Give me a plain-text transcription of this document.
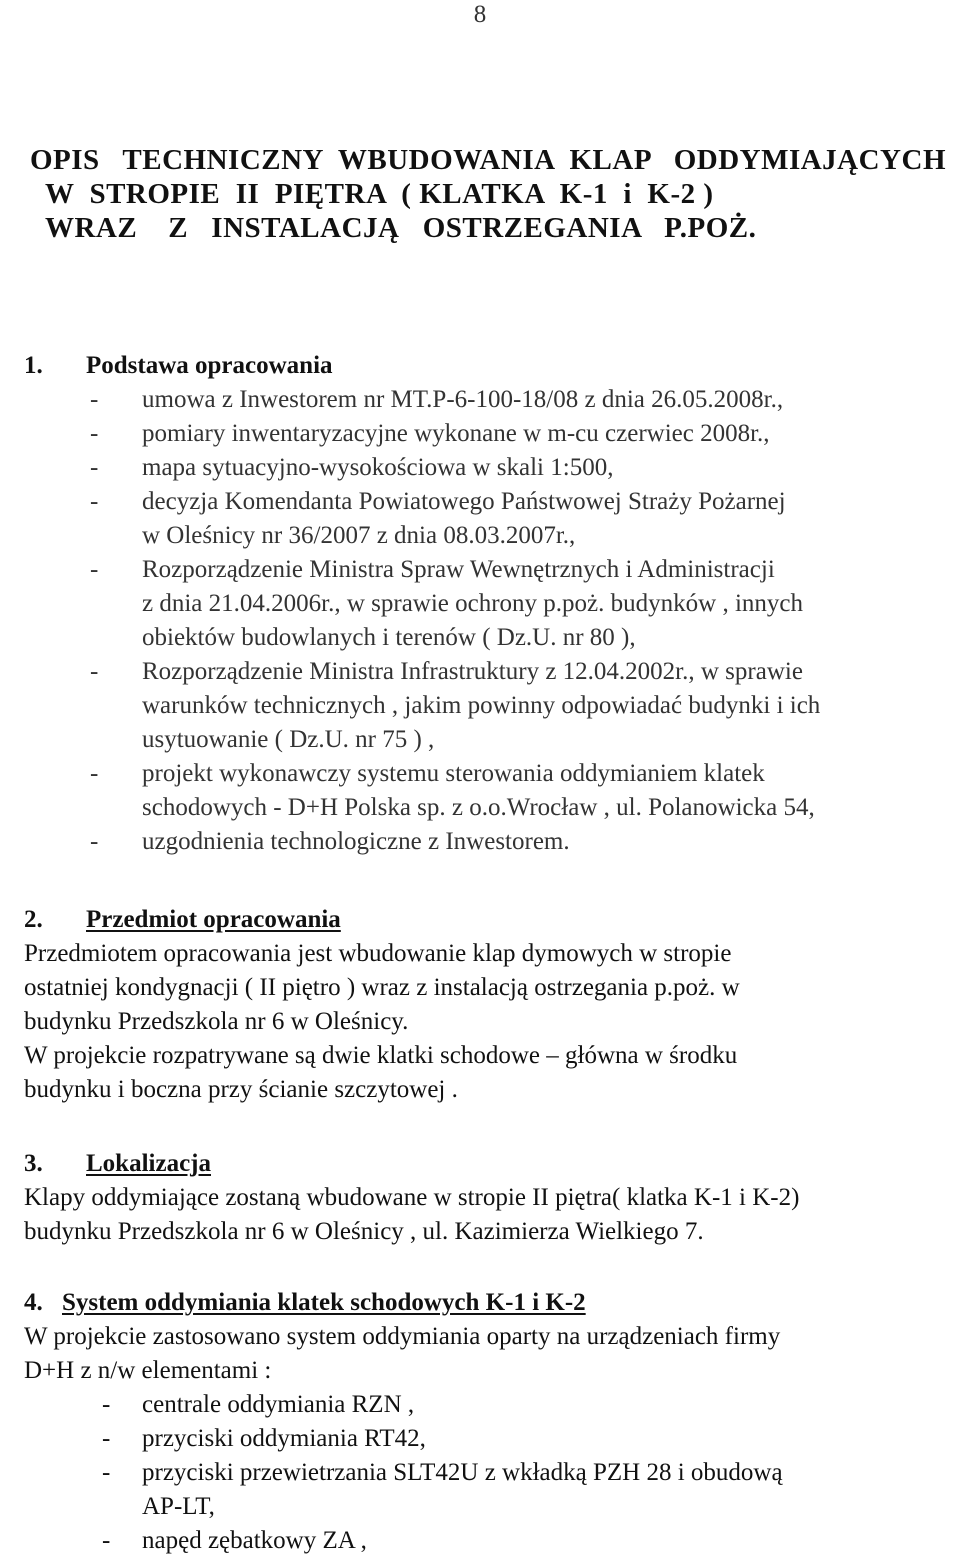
8
OPIS   TECHNICZNY  WBUDOWANIA  KLAP   ODDYMIAJĄCYCH
W  STROPIE  II  PIĘTRA  ( KLATKA  K-1  i  K-2 )
WRAZ    Z   INSTALACJĄ   OSTRZEGANIA   P.POŻ.
1. Podstawa opracowania
- umowa z Inwestorem nr MT.P-6-100-18/08 z dnia 26.05.2008r.,
- pomiary inwentaryzacyjne wykonane w m-cu czerwiec 2008r.,
- mapa sytuacyjno-wysokościowa w skali 1:500,
- decyzja Komendanta Powiatowego Państwowej Straży Pożarnej
w Oleśnicy nr 36/2007 z dnia 08.03.2007r.,
- Rozporządzenie Ministra Spraw Wewnętrznych i Administracji
z dnia 21.04.2006r., w sprawie ochrony p.poż. budynków , innych
obiektów budowlanych i terenów ( Dz.U. nr 80 ),
- Rozporządzenie Ministra Infrastruktury z 12.04.2002r., w sprawie
warunków technicznych , jakim powinny odpowiadać budynki i ich
usytuowanie ( Dz.U. nr 75 ) ,
- projekt wykonawczy systemu sterowania oddymianiem klatek
schodowych - D+H Polska sp. z o.o.Wrocław , ul. Polanowicka 54,
- uzgodnienia technologiczne z Inwestorem.
2. Przedmiot opracowania
Przedmiotem opracowania jest wbudowanie klap dymowych w stropie
ostatniej kondygnacji ( II piętro ) wraz z instalacją ostrzegania p.poż. w
budynku Przedszkola nr 6 w Oleśnicy.
W projekcie rozpatrywane są dwie klatki schodowe – główna w środku
budynku i boczna przy ścianie szczytowej .
3. Lokalizacja
Klapy oddymiające zostaną wbudowane w stropie II piętra( klatka K-1 i K-2)
budynku Przedszkola nr 6 w Oleśnicy , ul. Kazimierza Wielkiego 7.
4. System oddymiania klatek schodowych K-1 i K-2
W projekcie zastosowano system oddymiania oparty na urządzeniach firmy
D+H z n/w elementami :
- centrale oddymiania RZN ,
- przyciski oddymiania RT42,
- przyciski przewietrzania SLT42U z wkładką PZH 28 i obudową
AP-LT,
- napęd zębatkowy ZA ,
